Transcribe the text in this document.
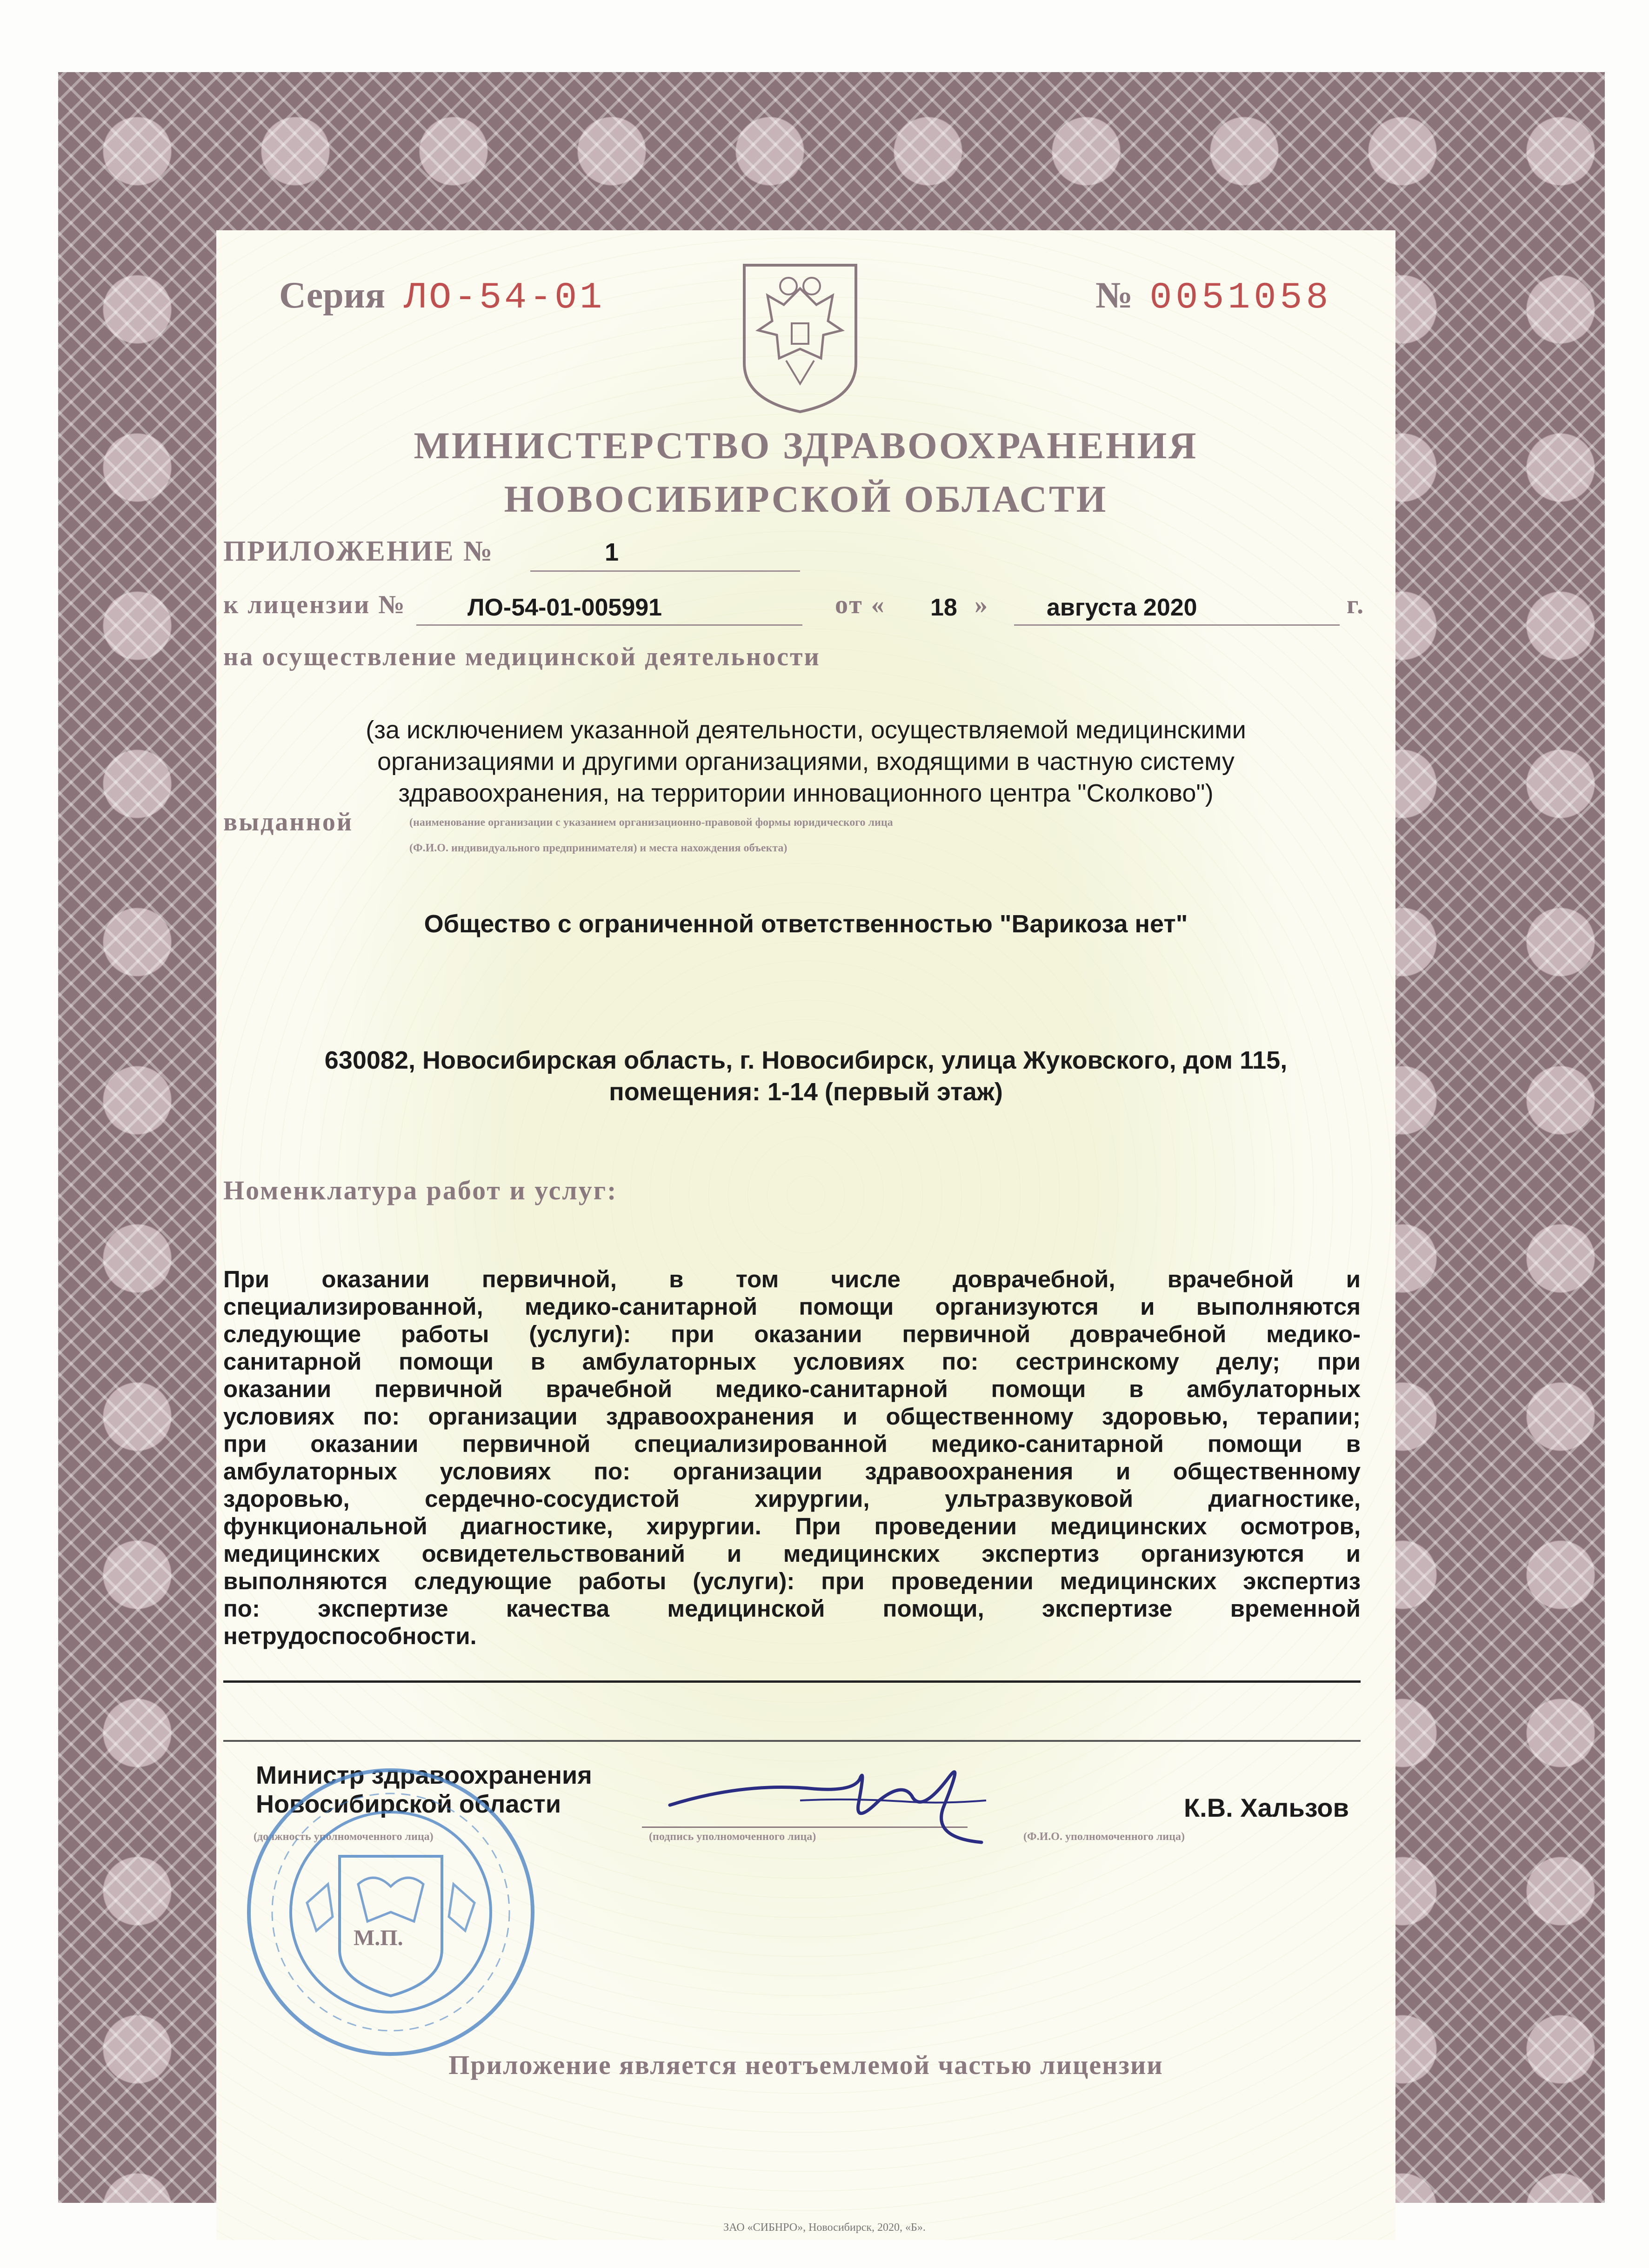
Серия ЛО-54-01	№ 0051058
МИНИСТЕРСТВО ЗДРАВООХРАНЕНИЯ
НОВОСИБИРСКОЙ ОБЛАСТИ
ПРИЛОЖЕНИЕ №	1
к лицензии №	ЛО-54-01-005991	от « 18 » августа 2020	г.
на осуществление медицинской деятельности
(за исключением указанной деятельности, осуществляемой медицинскими
организациями и другими организациями, входящими в частную систему
здравоохранения, на территории инновационного центра "Сколково")
выданной	(наименование организации с указанием организационно-правовой формы юридического лица
(Ф.И.О. индивидуального предпринимателя) и места нахождения объекта)
Общество с ограниченной ответственностью "Варикоза нет"
630082, Новосибирская область, г. Новосибирск, улица Жуковского, дом 115,
помещения: 1-14 (первый этаж)
Номенклатура работ и услуг:
При оказании первичной, в том числе доврачебной, врачебной и
специализированной, медико-санитарной помощи организуются и выполняются
следующие работы (услуги): при оказании первичной доврачебной медико-
санитарной помощи в амбулаторных условиях по: сестринскому делу; при
оказании первичной врачебной медико-санитарной помощи в амбулаторных
условиях по: организации здравоохранения и общественному здоровью, терапии;
при оказании первичной специализированной медико-санитарной помощи в
амбулаторных условиях по: организации здравоохранения и общественному
здоровью, сердечно-сосудистой хирургии, ультразвуковой диагностике,
функциональной диагностике, хирургии. При проведении медицинских осмотров,
медицинских освидетельствований и медицинских экспертиз организуются и
выполняются следующие работы (услуги): при проведении медицинских экспертиз
по: экспертизе качества медицинской помощи, экспертизе временной
нетрудоспособности.
Министр здравоохранения
Новосибирской области
(должность уполномоченного лица)	(подпись уполномоченного лица)
К.В. Хальзов
(Ф.И.О. уполномоченного лица)
М.П.
Приложение является неотъемлемой частью лицензии
ЗАО «СИБНРО», Новосибирск, 2020, «Б».
